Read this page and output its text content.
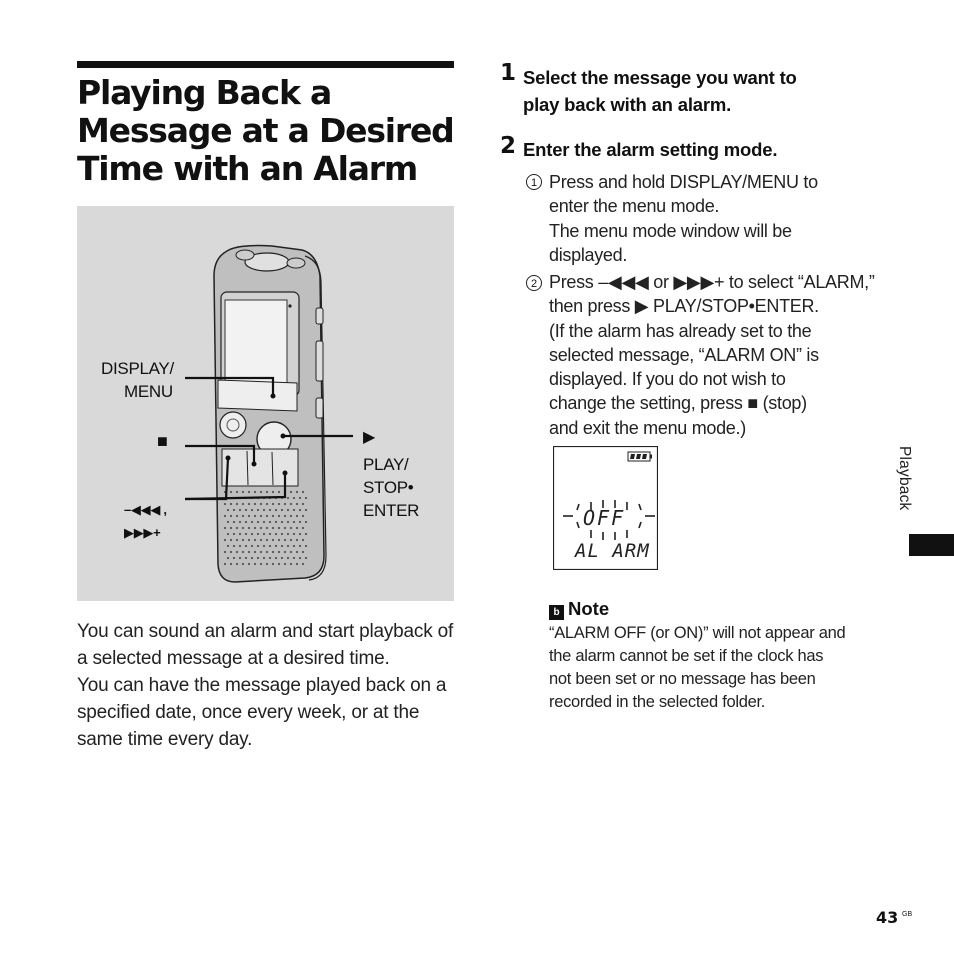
Playing Back a
Message at a Desired
Time with an Alarm
DISPLAY/
MENU
■
–◀◀◀ ,
▶▶▶+
▶
PLAY/
STOP•
ENTER

You can sound an alarm and start playback of a selected message at a desired time.

You can have the message played back on a specified date, once every week, or at the same time every day.

1 Select the message you want to
play back with an alarm.
2 Enter the alarm setting mode.
1 Press and hold DISPLAY/MENU to

enter the menu mode.

The menu mode window will be

displayed.

2 Press –◀◀◀ or ▶▶▶+ to select “ALARM,”

then press ▶ PLAY/STOP•ENTER.

(If the alarm has already set to the

selected message, “ALARM ON” is

displayed. If you do not wish to

change the setting, press ■ (stop)

and exit the menu mode.)

OFF
AL ARM
b Note
“ALARM OFF (or ON)” will not appear and
the alarm cannot be set if the clock has
not been set or no message has been
recorded in the selected folder.
Playback
43 GB
